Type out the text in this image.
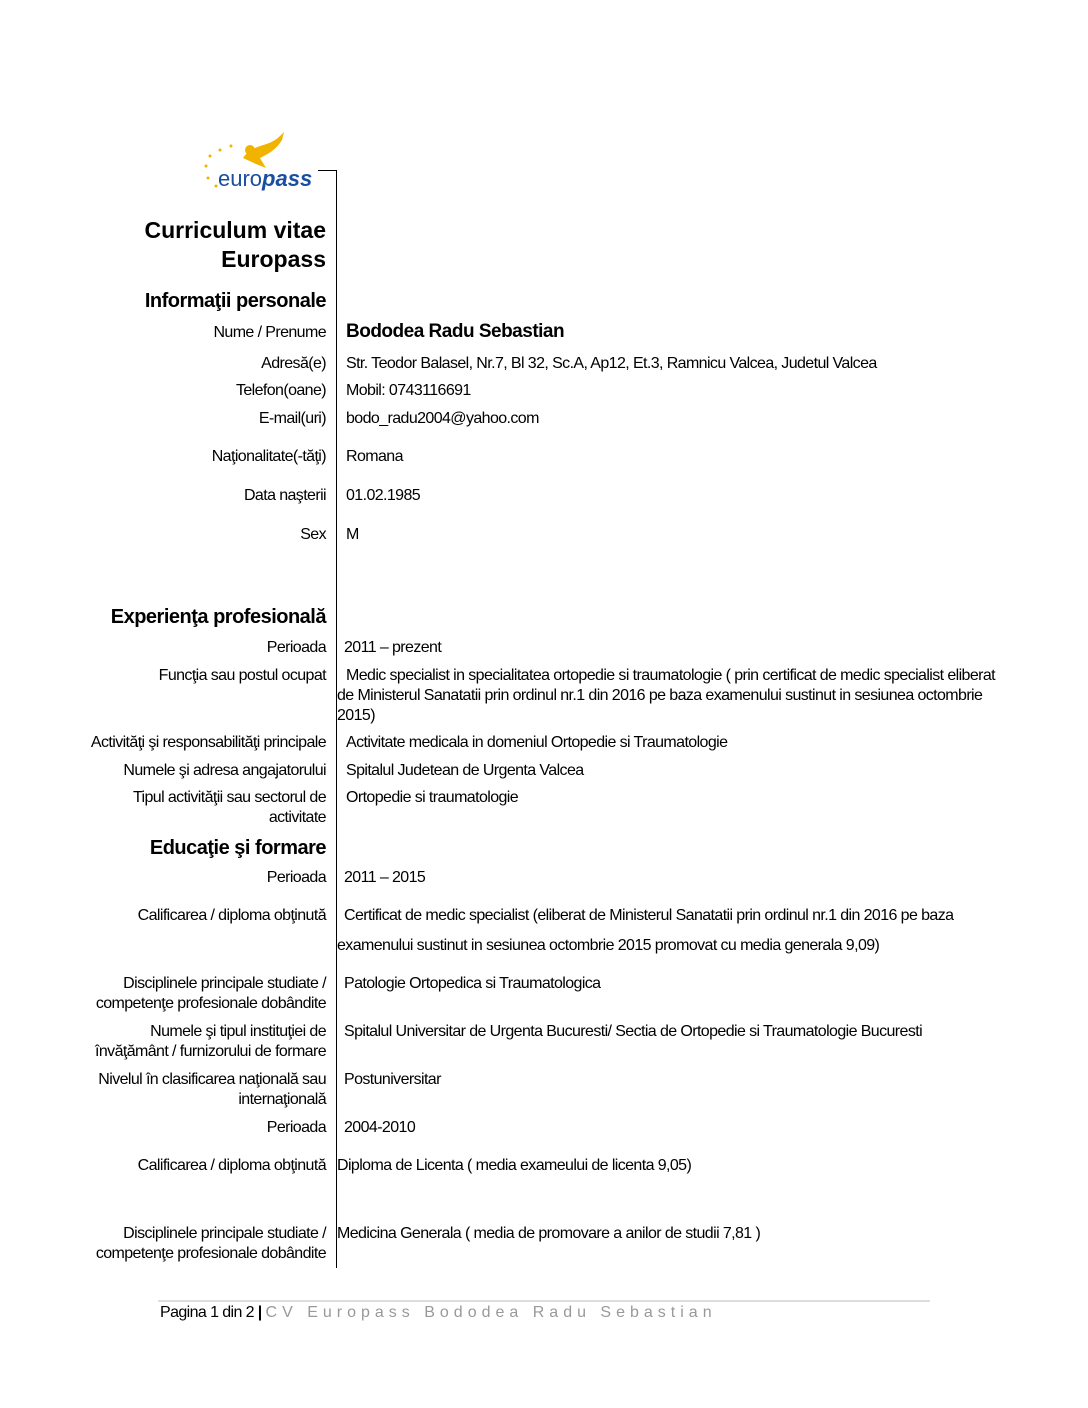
europass
Curriculum vitae
Europass
Informaţii personale
Nume / Prenume Bododea Radu Sebastian
Adresă(e) Str. Teodor Balasel, Nr.7, Bl 32, Sc.A, Ap12, Et.3, Ramnicu Valcea, Judetul Valcea
Telefon(oane) Mobil: 0743116691
E-mail(uri) bodo_radu2004@yahoo.com
Naţionalitate(-tăţi) Romana
Data naşterii 01.02.1985
Sex M
Experienţa profesională
Perioada 2011 – prezent
Funcţia sau postul ocupat Medic specialist in specialitatea ortopedie si traumatologie ( prin certificat de medic specialist eliberat
de Ministerul Sanatatii prin ordinul nr.1 din 2016 pe baza examenului sustinut in sesiunea octombrie
2015)
Activităţi şi responsabilităţi principale Activitate medicala in domeniul Ortopedie si Traumatologie
Numele şi adresa angajatorului Spitalul Judetean de Urgenta Valcea
Tipul activităţii sau sectorul de
activitate
Ortopedie si traumatologie
Educaţie şi formare
Perioada 2011 – 2015
Calificarea / diploma obţinută Certificat de medic specialist (eliberat de Ministerul Sanatatii prin ordinul nr.1 din 2016 pe baza
examenului sustinut in sesiunea octombrie 2015 promovat cu media generala 9,09)
Disciplinele principale studiate /
competenţe profesionale dobândite
Patologie Ortopedica si Traumatologica
Numele şi tipul instituţiei de
învăţământ / furnizorului de formare
Spitalul Universitar de Urgenta Bucuresti/ Sectia de Ortopedie si Traumatologie Bucuresti
Nivelul în clasificarea naţională sau
internaţională
Postuniversitar
Perioada 2004-2010
Calificarea / diploma obţinută Diploma de Licenta ( media exameului de licenta 9,05)
Disciplinele principale studiate /
competenţe profesionale dobândite
Medicina Generala ( media de promovare a anilor de studii 7,81 )
Pagina 1 din 2 | CV Europass Bododea Radu Sebastian
